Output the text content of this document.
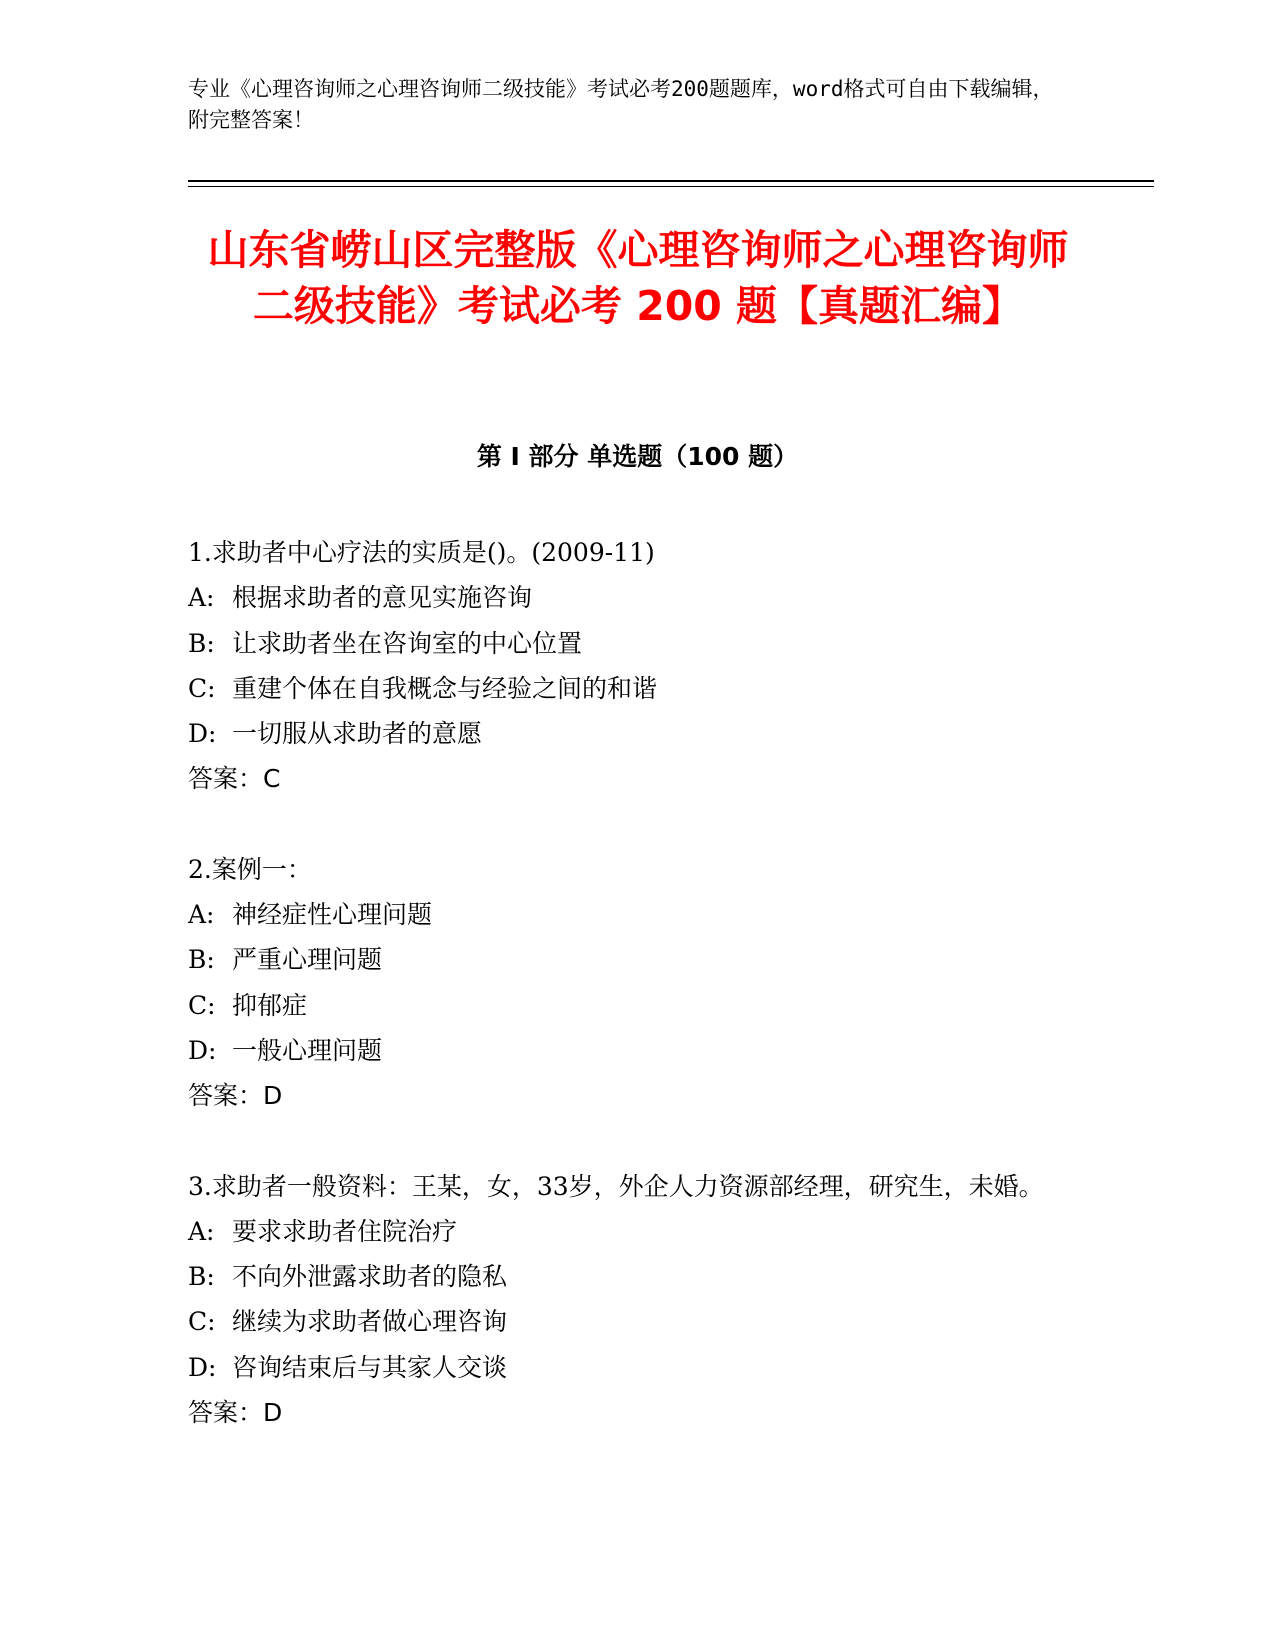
专业《心理咨询师之心理咨询师二级技能》考试必考200题题库，word格式可自由下载编辑，附完整答案！
山东省崂山区完整版《心理咨询师之心理咨询师二级技能》考试必考 200 题【真题汇编】
第 I 部分 单选题（100 题）
1.求助者中心疗法的实质是()。(2009-11)
A: 根据求助者的意见实施咨询
B: 让求助者坐在咨询室的中心位置
C: 重建个体在自我概念与经验之间的和谐
D: 一切服从求助者的意愿
答案：C
2.案例一：
A: 神经症性心理问题
B: 严重心理问题
C: 抑郁症
D: 一般心理问题
答案：D
3.求助者一般资料：王某，女，33岁，外企人力资源部经理，研究生，未婚。
A: 要求求助者住院治疗
B: 不向外泄露求助者的隐私
C: 继续为求助者做心理咨询
D: 咨询结束后与其家人交谈
答案：D
